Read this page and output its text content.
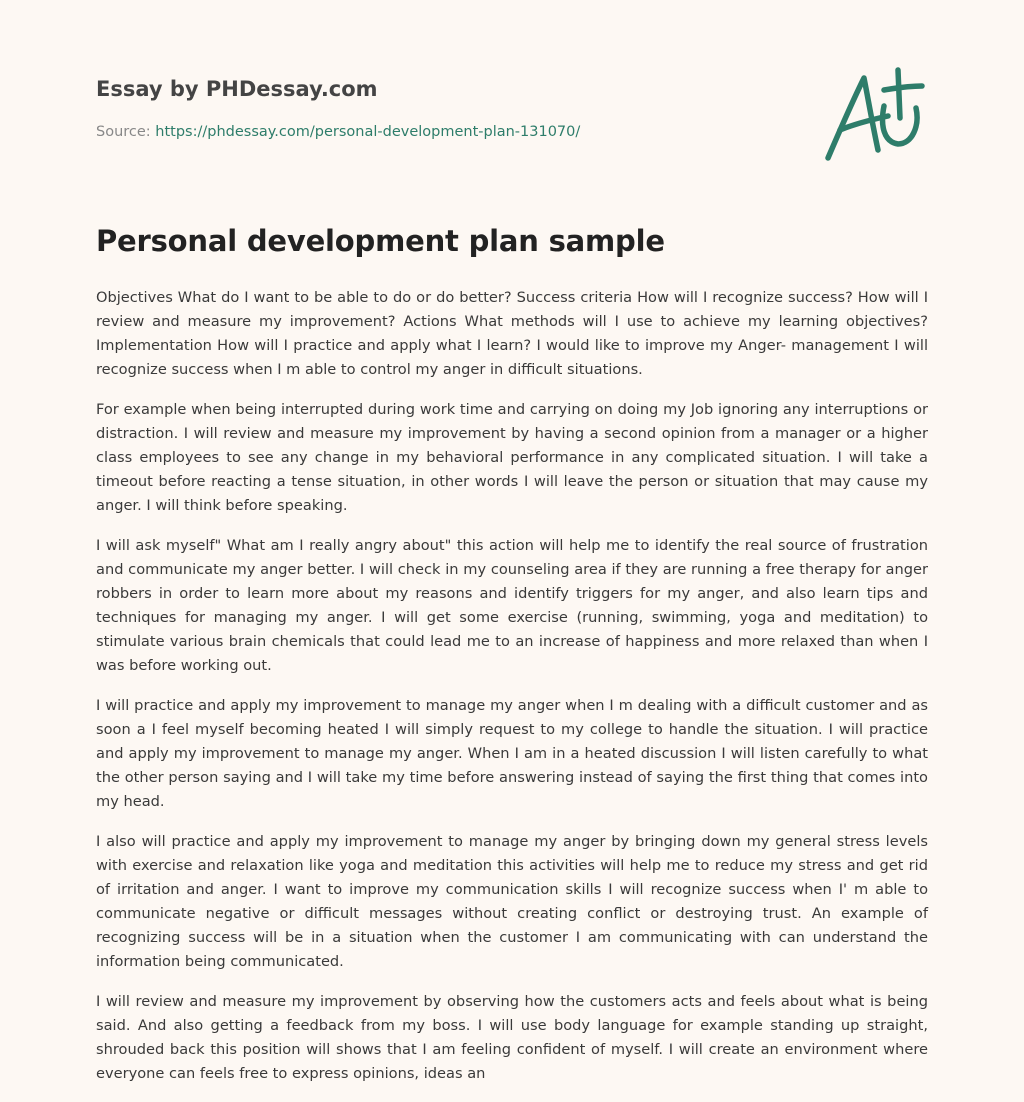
Essay by PHDessay.com
Source: https://phdessay.com/personal-development-plan-131070/
Personal development plan sample

Objectives What do I want to be able to do or do better? Success criteria How will I recognize success? How will I review and measure my improvement? Actions What methods will I use to achieve my learning objectives? Implementation How will I practice and apply what I learn? I would like to improve my Anger- management I will recognize success when I m able to control my anger in difficult situations.

For example when being interrupted during work time and carrying on doing my Job ignoring any interruptions or distraction. I will review and measure my improvement by having a second opinion from a manager or a higher class employees to see any change in my behavioral performance in any complicated situation. I will take a timeout before reacting a tense situation, in other words I will leave the person or situation that may cause my anger. I will think before speaking.

I will ask myself" What am I really angry about" this action will help me to identify the real source of frustration and communicate my anger better. I will check in my counseling area if they are running a free therapy for anger robbers in order to learn more about my reasons and identify triggers for my anger, and also learn tips and techniques for managing my anger. I will get some exercise (running, swimming, yoga and meditation) to stimulate various brain chemicals that could lead me to an increase of happiness and more relaxed than when I was before working out.

I will practice and apply my improvement to manage my anger when I m dealing with a difficult customer and as soon a I feel myself becoming heated I will simply request to my college to handle the situation. I will practice and apply my improvement to manage my anger. When I am in a heated discussion I will listen carefully to what the other person saying and I will take my time before answering instead of saying the first thing that comes into my head.

I also will practice and apply my improvement to manage my anger by bringing down my general stress levels with exercise and relaxation like yoga and meditation this activities will help me to reduce my stress and get rid of irritation and anger. I want to improve my communication skills I will recognize success when I' m able to communicate negative or difficult messages without creating conflict or destroying trust. An example of recognizing success will be in a situation when the customer I am communicating with can understand the information being communicated.

I will review and measure my improvement by observing how the customers acts and feels about what is being said. And also getting a feedback from my boss. I will use body language for example standing up straight, shrouded back this position will shows that I am feeling confident of myself. I will create an environment where everyone can feels free to express opinions, ideas an
